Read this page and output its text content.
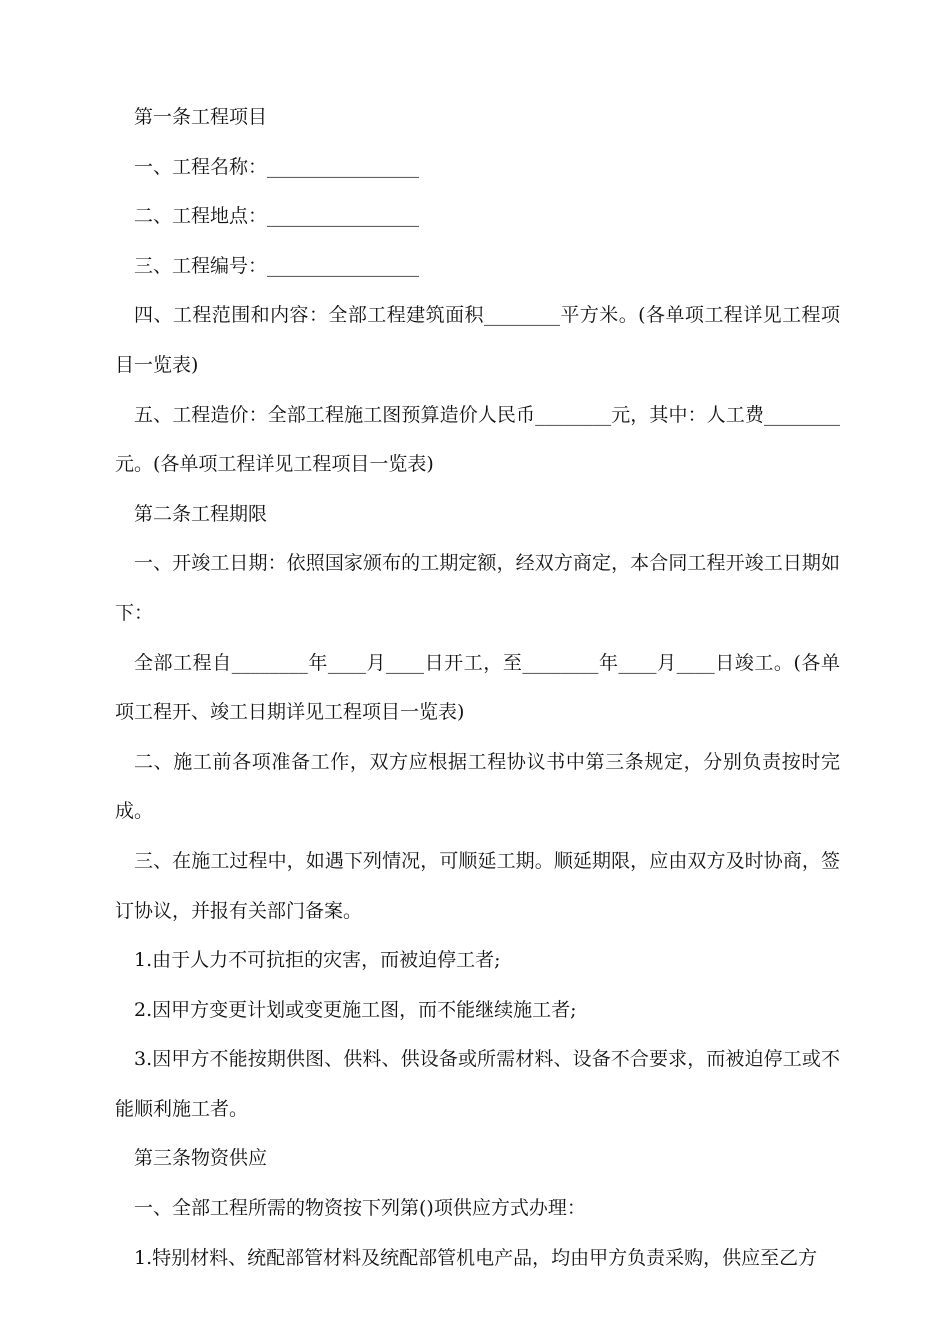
第一条工程项目

一、工程名称：________________

二、工程地点：________________

三、工程编号：________________

四、工程范围和内容：全部工程建筑面积________平方米。(各单项工程详见工程项目一览表)

五、工程造价：全部工程施工图预算造价人民币________元，其中：人工费________元。(各单项工程详见工程项目一览表)

第二条工程期限

一、开竣工日期：依照国家颁布的工期定额，经双方商定，本合同工程开竣工日期如下：

全部工程自________年____月____日开工，至________年____月____日竣工。(各单项工程开、竣工日期详见工程项目一览表)

二、施工前各项准备工作，双方应根据工程协议书中第三条规定，分别负责按时完成。

三、在施工过程中，如遇下列情况，可顺延工期。顺延期限，应由双方及时协商，签订协议，并报有关部门备案。

1.由于人力不可抗拒的灾害，而被迫停工者;

2.因甲方变更计划或变更施工图，而不能继续施工者;

3.因甲方不能按期供图、供料、供设备或所需材料、设备不合要求，而被迫停工或不能顺利施工者。

第三条物资供应

一、全部工程所需的物资按下列第()项供应方式办理：

1.特别材料、统配部管材料及统配部管机电产品，均由甲方负责采购，供应至乙方
